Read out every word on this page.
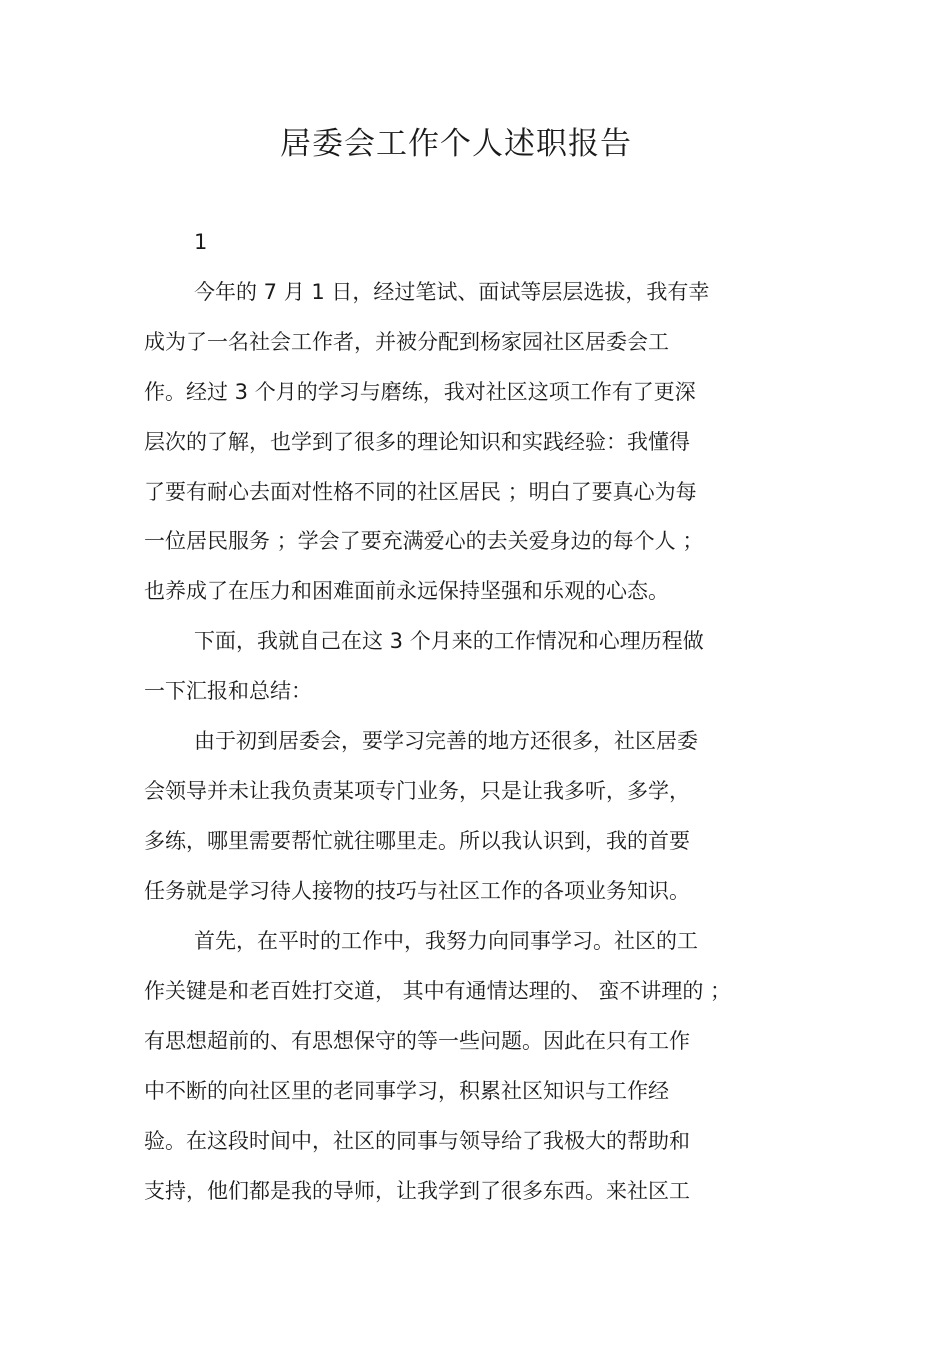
居委会工作个人述职报告
1
今年的 7 月 1 日，经过笔试、面试等层层选拔，我有幸
成为了一名社会工作者，并被分配到杨家园社区居委会工
作。经过 3 个月的学习与磨练，我对社区这项工作有了更深
层次的了解，也学到了很多的理论知识和实践经验：我懂得
了要有耐心去面对性格不同的社区居民 ；明白了要真心为每
一位居民服务 ；学会了要充满爱心的去关爱身边的每个人 ；
也养成了在压力和困难面前永远保持坚强和乐观的心态。
下面，我就自己在这 3 个月来的工作情况和心理历程做
一下汇报和总结：
由于初到居委会，要学习完善的地方还很多，社区居委
会领导并未让我负责某项专门业务，只是让我多听，多学，
多练，哪里需要帮忙就往哪里走。所以我认识到，我的首要
任务就是学习待人接物的技巧与社区工作的各项业务知识。
首先，在平时的工作中，我努力向同事学习。社区的工
作关键是和老百姓打交道， 其中有通情达理的、 蛮不讲理的 ；
有思想超前的、有思想保守的等一些问题。因此在只有工作
中不断的向社区里的老同事学习，积累社区知识与工作经
验。在这段时间中，社区的同事与领导给了我极大的帮助和
支持，他们都是我的导师，让我学到了很多东西。来社区工
